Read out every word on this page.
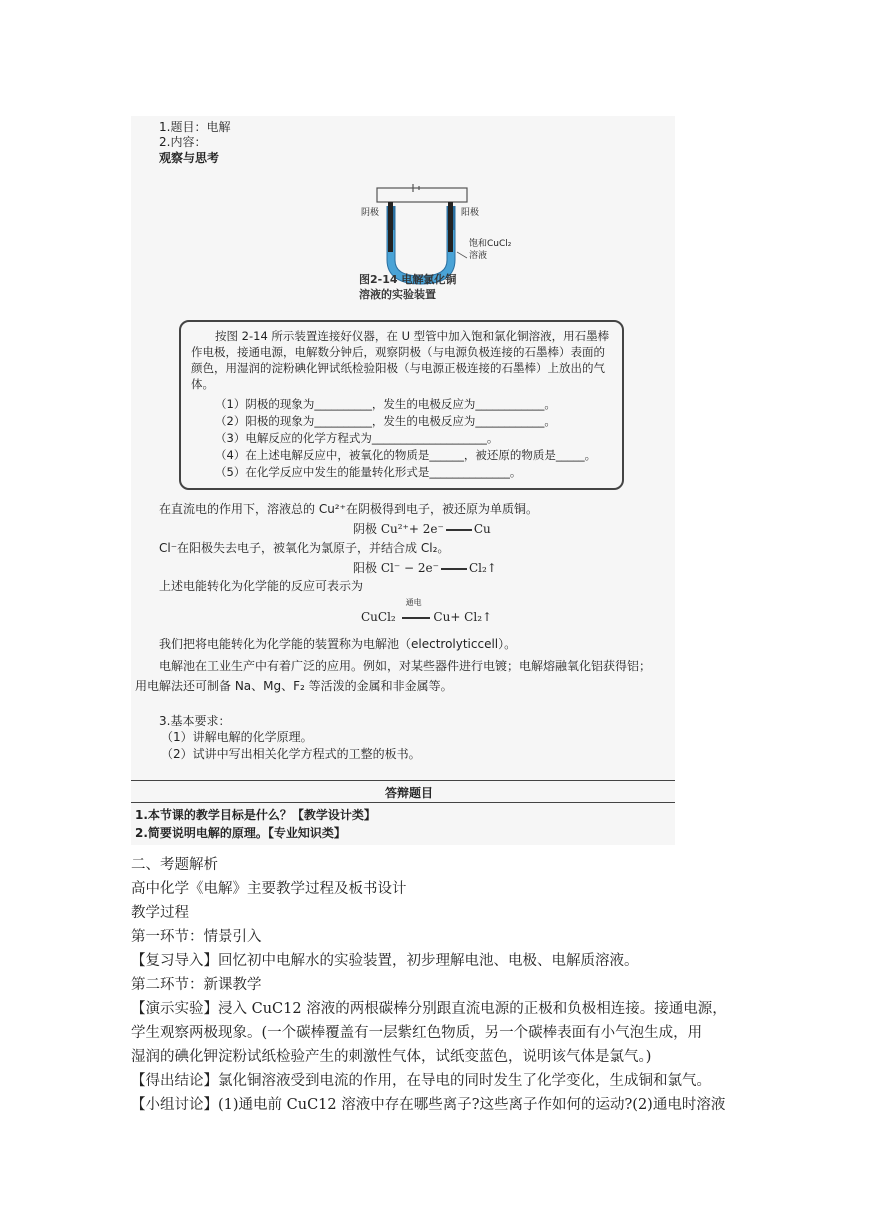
1.题目：电解
2.内容：
观察与思考
阴极	阳极
饱和CuCl₂
溶液
图2-14 电解氯化铜
溶液的实验装置
按图 2-14 所示装置连接好仪器，在 U 型管中加入饱和氯化铜溶液，用石墨棒作电极，接通电源，电解数分钟后，观察阴极（与电源负极连接的石墨棒）表面的颜色，用湿润的淀粉碘化钾试纸检验阳极（与电源正极连接的石墨棒）上放出的气体。
（1）阴极的现象为__________，发生的电极反应为____________。
（2）阳极的现象为__________，发生的电极反应为____________。
（3）电解反应的化学方程式为____________________。
（4）在上述电解反应中，被氧化的物质是______，被还原的物质是_____。
（5）在化学反应中发生的能量转化形式是______________。
在直流电的作用下，溶液总的 Cu²⁺在阴极得到电子，被还原为单质铜。
阴极 Cu²⁺+ 2e⁻	Cu
Cl⁻在阳极失去电子，被氧化为氯原子，并结合成 Cl₂。
阳极 Cl⁻ − 2e⁻	Cl₂↑
上述电能转化为化学能的反应可表示为
CuCl₂
通电
Cu+ Cl₂↑
我们把将电能转化为化学能的装置称为电解池（electrolyticcell）。
电解池在工业生产中有着广泛的应用。例如，对某些器件进行电镀；电解熔融氧化铝获得铝；
用电解法还可制备 Na、Mg、F₂ 等活泼的金属和非金属等。
3.基本要求：
（1）讲解电解的化学原理。
（2）试讲中写出相关化学方程式的工整的板书。
答辩题目
1.本节课的教学目标是什么？【教学设计类】
2.简要说明电解的原理。【专业知识类】
二、考题解析
高中化学《电解》主要教学过程及板书设计
教学过程
第一环节：情景引入
【复习导入】回忆初中电解水的实验装置，初步理解电池、电极、电解质溶液。
第二环节：新课教学
【演示实验】浸入 CuC12 溶液的两根碳棒分别跟直流电源的正极和负极相连接。接通电源，
学生观察两极现象。(一个碳棒覆盖有一层紫红色物质，另一个碳棒表面有小气泡生成，用
湿润的碘化钾淀粉试纸检验产生的刺激性气体，试纸变蓝色，说明该气体是氯气。)
【得出结论】氯化铜溶液受到电流的作用，在导电的同时发生了化学变化，生成铜和氯气。
【小组讨论】(1)通电前 CuC12 溶液中存在哪些离子?这些离子作如何的运动?(2)通电时溶液
